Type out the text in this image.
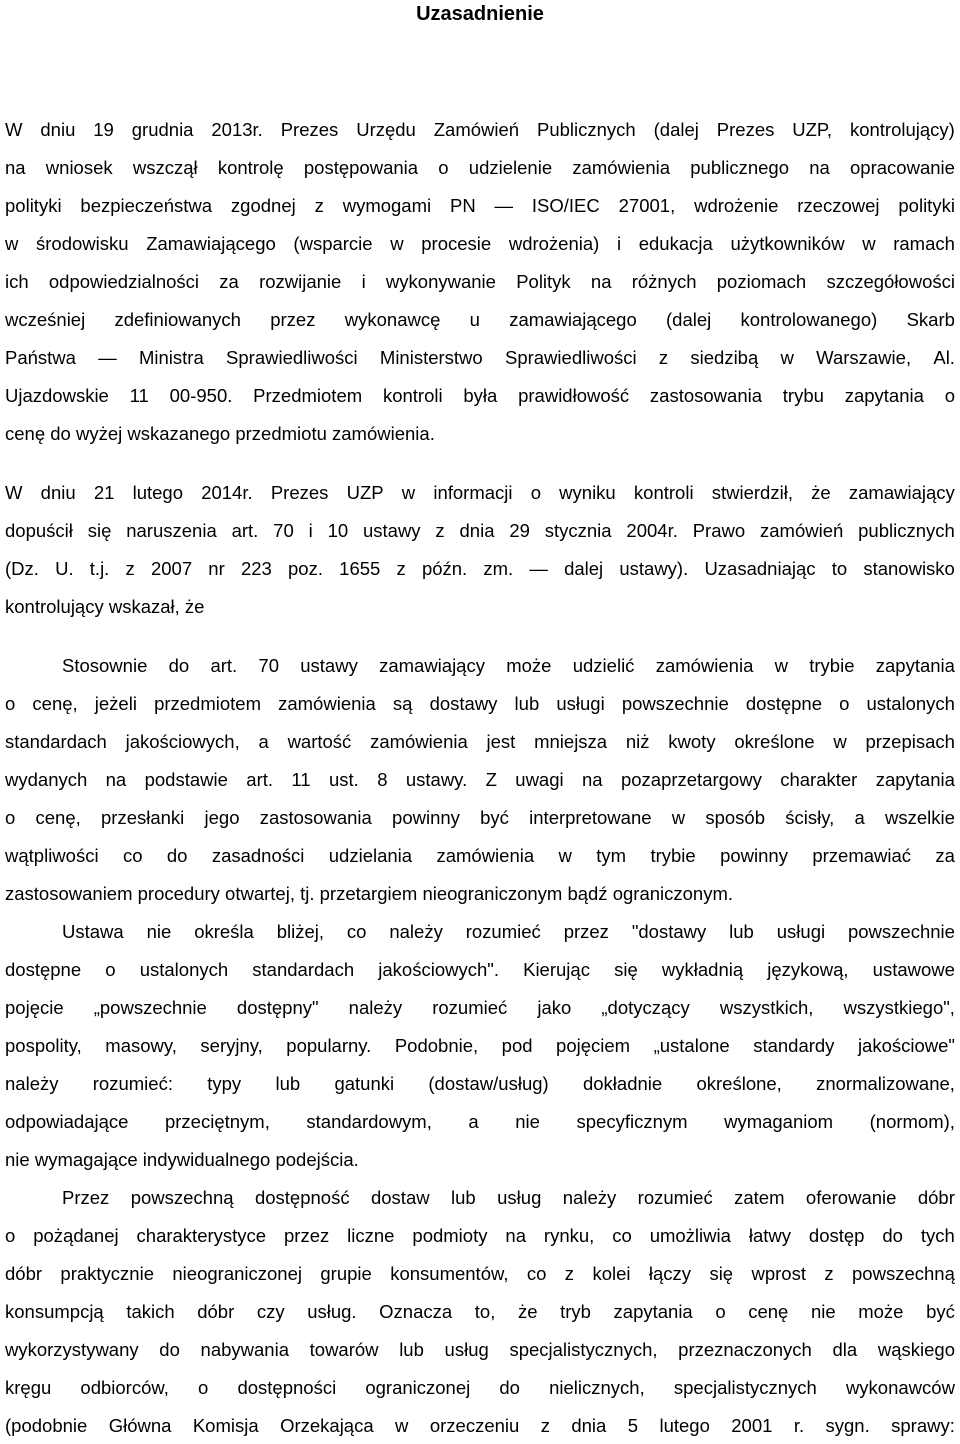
Uzasadnienie
W dniu 19 grudnia 2013r. Prezes Urzędu Zamówień Publicznych (dalej Prezes UZP, kontrolujący)
na wniosek wszczął kontrolę postępowania o udzielenie zamówienia publicznego na opracowanie
polityki bezpieczeństwa zgodnej z wymogami PN — ISO/IEC 27001, wdrożenie rzeczowej polityki
w środowisku Zamawiającego (wsparcie w procesie wdrożenia) i edukacja użytkowników w ramach
ich odpowiedzialności za rozwijanie i wykonywanie Polityk na różnych poziomach szczegółowości
wcześniej zdefiniowanych przez wykonawcę u zamawiającego (dalej kontrolowanego) Skarb
Państwa — Ministra Sprawiedliwości Ministerstwo Sprawiedliwości z siedzibą w Warszawie, Al.
Ujazdowskie 11 00-950. Przedmiotem kontroli była prawidłowość zastosowania trybu zapytania o
cenę do wyżej wskazanego przedmiotu zamówienia.
W dniu 21 lutego 2014r. Prezes UZP w informacji o wyniku kontroli stwierdził, że zamawiający
dopuścił się naruszenia art. 70 i 10 ustawy z dnia 29 stycznia 2004r. Prawo zamówień publicznych
(Dz. U. t.j. z 2007 nr 223 poz. 1655 z późn. zm. — dalej ustawy). Uzasadniając to stanowisko
kontrolujący wskazał, że
Stosownie do art. 70 ustawy zamawiający może udzielić zamówienia w trybie zapytania
o cenę, jeżeli przedmiotem zamówienia są dostawy lub usługi powszechnie dostępne o ustalonych
standardach jakościowych, a wartość zamówienia jest mniejsza niż kwoty określone w przepisach
wydanych na podstawie art. 11 ust. 8 ustawy. Z uwagi na pozaprzetargowy charakter zapytania
o cenę, przesłanki jego zastosowania powinny być interpretowane w sposób ścisły, a wszelkie
wątpliwości co do zasadności udzielania zamówienia w tym trybie powinny przemawiać za
zastosowaniem procedury otwartej, tj. przetargiem nieograniczonym bądź ograniczonym.
Ustawa nie określa bliżej, co należy rozumieć przez "dostawy lub usługi powszechnie
dostępne o ustalonych standardach jakościowych". Kierując się wykładnią językową, ustawowe
pojęcie „powszechnie dostępny" należy rozumieć jako „dotyczący wszystkich, wszystkiego",
pospolity, masowy, seryjny, popularny. Podobnie, pod pojęciem „ustalone standardy jakościowe"
należy rozumieć: typy lub gatunki (dostaw/usług) dokładnie określone, znormalizowane,
odpowiadające przeciętnym, standardowym, a nie specyficznym wymaganiom (normom),
nie wymagające indywidualnego podejścia.
Przez powszechną dostępność dostaw lub usług należy rozumieć zatem oferowanie dóbr
o pożądanej charakterystyce przez liczne podmioty na rynku, co umożliwia łatwy dostęp do tych
dóbr praktycznie nieograniczonej grupie konsumentów, co z kolei łączy się wprost z powszechną
konsumpcją takich dóbr czy usług. Oznacza to, że tryb zapytania o cenę nie może być
wykorzystywany do nabywania towarów lub usług specjalistycznych, przeznaczonych dla wąskiego
kręgu odbiorców, o dostępności ograniczonej do nielicznych, specjalistycznych wykonawców
(podobnie Główna Komisja Orzekająca w orzeczeniu z dnia 5 lutego 2001 r. sygn. sprawy:
